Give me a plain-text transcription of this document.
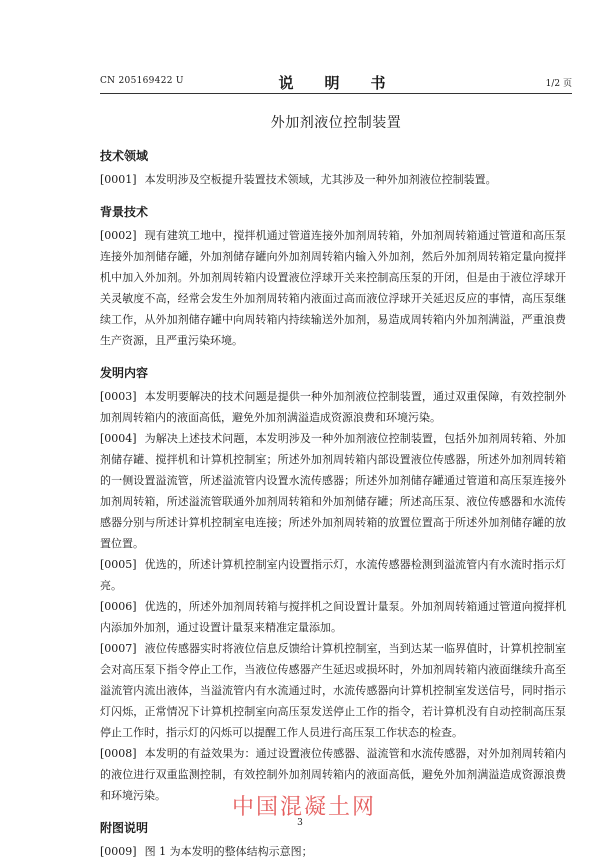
CN 205169422 U	说　明　书	1/2 页
外加剂液位控制装置
技术领域

[0001] 本发明涉及空板提升装置技术领域，尤其涉及一种外加剂液位控制装置。

背景技术

[0002] 现有建筑工地中，搅拌机通过管道连接外加剂周转箱，外加剂周转箱通过管道和高压泵连接外加剂储存罐，外加剂储存罐向外加剂周转箱内输入外加剂，然后外加剂周转箱定量向搅拌机中加入外加剂。外加剂周转箱内设置液位浮球开关来控制高压泵的开闭，但是由于液位浮球开关灵敏度不高，经常会发生外加剂周转箱内液面过高而液位浮球开关延迟反应的事情，高压泵继续工作，从外加剂储存罐中向周转箱内持续输送外加剂，易造成周转箱内外加剂满溢，严重浪费生产资源，且严重污染环境。

发明内容

[0003] 本发明要解决的技术问题是提供一种外加剂液位控制装置，通过双重保障，有效控制外加剂周转箱内的液面高低，避免外加剂满溢造成资源浪费和环境污染。

[0004] 为解决上述技术问题，本发明涉及一种外加剂液位控制装置，包括外加剂周转箱、外加剂储存罐、搅拌机和计算机控制室；所述外加剂周转箱内部设置液位传感器，所述外加剂周转箱的一侧设置溢流管，所述溢流管内设置水流传感器；所述外加剂储存罐通过管道和高压泵连接外加剂周转箱，所述溢流管联通外加剂周转箱和外加剂储存罐；所述高压泵、液位传感器和水流传感器分别与所述计算机控制室电连接；所述外加剂周转箱的放置位置高于所述外加剂储存罐的放置位置。

[0005] 优选的，所述计算机控制室内设置指示灯，水流传感器检测到溢流管内有水流时指示灯亮。

[0006] 优选的，所述外加剂周转箱与搅拌机之间设置计量泵。外加剂周转箱通过管道向搅拌机内添加外加剂，通过设置计量泵来精准定量添加。

[0007] 液位传感器实时将液位信息反馈给计算机控制室，当到达某一临界值时，计算机控制室会对高压泵下指令停止工作，当液位传感器产生延迟或损坏时，外加剂周转箱内液面继续升高至溢流管内流出液体，当溢流管内有水流通过时，水流传感器向计算机控制室发送信号，同时指示灯闪烁，正常情况下计算机控制室向高压泵发送停止工作的指令，若计算机没有自动控制高压泵停止工作时，指示灯的闪烁可以提醒工作人员进行高压泵工作状态的检查。

[0008] 本发明的有益效果为：通过设置液位传感器、溢流管和水流传感器，对外加剂周转箱内的液位进行双重监测控制，有效控制外加剂周转箱内的液面高低，避免外加剂满溢造成资源浪费和环境污染。

附图说明

[0009] 图 1 为本发明的整体结构示意图；

中国混凝土网
3
